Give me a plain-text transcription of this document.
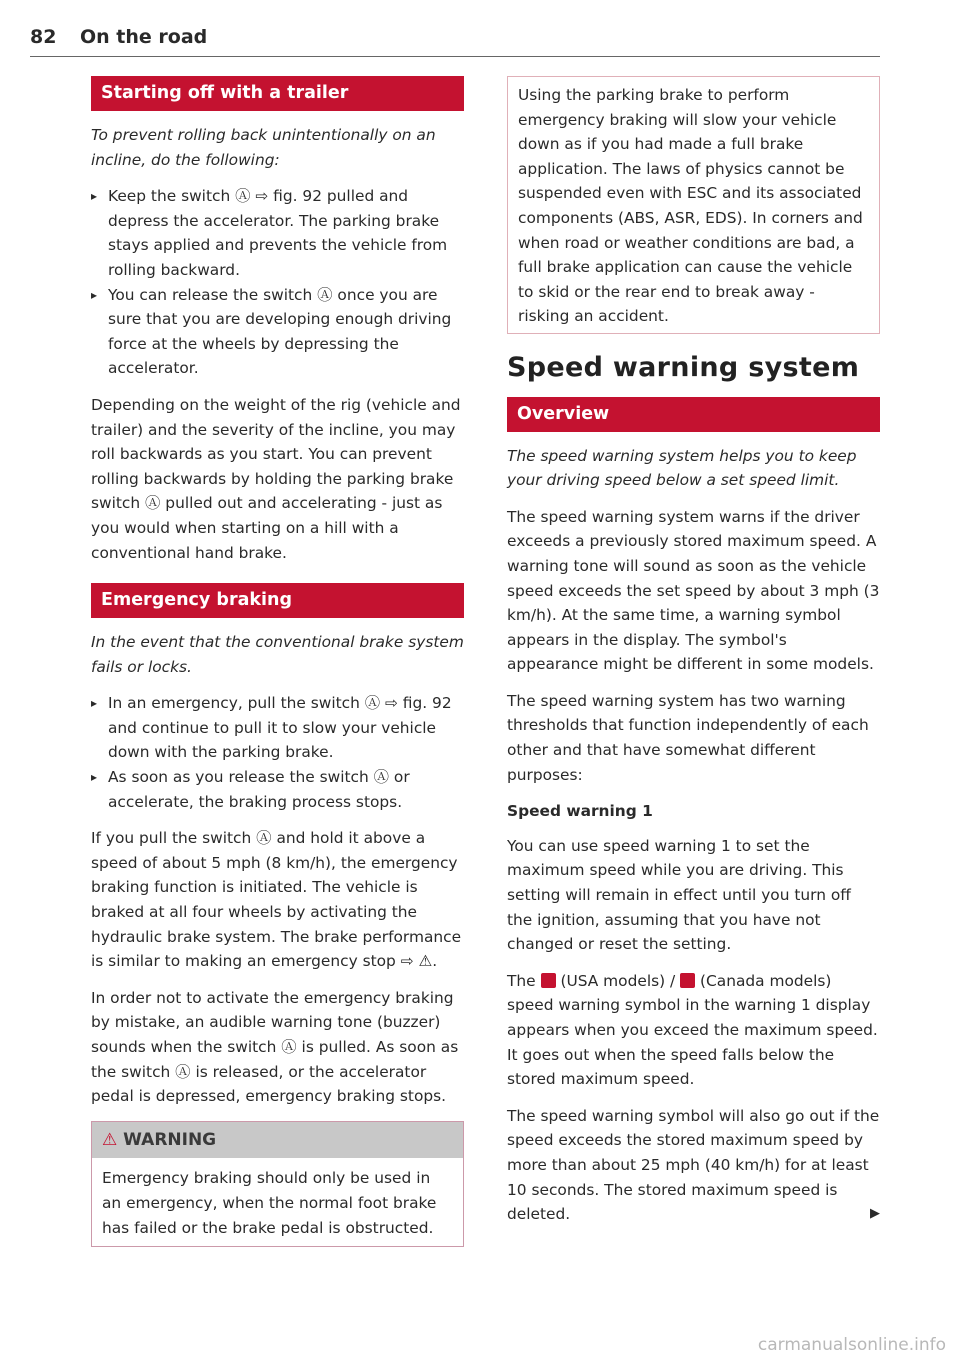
82 On the road
Starting off with a trailer

To prevent rolling back unintentionally on an incline, do the following:

▸ Keep the switch Ⓐ ⇨ fig. 92 pulled and depress the accelerator. The parking brake stays applied and prevents the vehicle from rolling backward.
▸ You can release the switch Ⓐ once you are sure that you are developing enough driving force at the wheels by depressing the accelerator.

Depending on the weight of the rig (vehicle and trailer) and the severity of the incline, you may roll backwards as you start. You can prevent rolling backwards by holding the parking brake switch Ⓐ pulled out and accelerating - just as you would when starting on a hill with a conventional hand brake.

Emergency braking

In the event that the conventional brake system fails or locks.

▸ In an emergency, pull the switch Ⓐ ⇨ fig. 92 and continue to pull it to slow your vehicle down with the parking brake.
▸ As soon as you release the switch Ⓐ or accelerate, the braking process stops.

If you pull the switch Ⓐ and hold it above a speed of about 5 mph (8 km/h), the emergency braking function is initiated. The vehicle is braked at all four wheels by activating the hydraulic brake system. The brake performance is similar to making an emergency stop ⇨ ⚠.

In order not to activate the emergency braking by mistake, an audible warning tone (buzzer) sounds when the switch Ⓐ is pulled. As soon as the switch Ⓐ is released, or the accelerator pedal is depressed, emergency braking stops.

⚠ WARNING
Emergency braking should only be used in an emergency, when the normal foot brake has failed or the brake pedal is obstructed.
Using the parking brake to perform emergency braking will slow your vehicle down as if you had made a full brake application. The laws of physics cannot be suspended even with ESC and its associated components (ABS, ASR, EDS). In corners and when road or weather conditions are bad, a full brake application can cause the vehicle to skid or the rear end to break away - risking an accident.
Speed warning system
Overview

The speed warning system helps you to keep your driving speed below a set speed limit.

The speed warning system warns if the driver exceeds a previously stored maximum speed. A warning tone will sound as soon as the vehicle speed exceeds the set speed by about 3 mph (3 km/h). At the same time, a warning symbol appears in the display. The symbol's appearance might be different in some models.

The speed warning system has two warning thresholds that function independently of each other and that have somewhat different purposes:

Speed warning 1

You can use speed warning 1 to set the maximum speed while you are driving. This setting will remain in effect until you turn off the ignition, assuming that you have not changed or reset the setting.

The (USA models) / (Canada models) speed warning symbol in the warning 1 display appears when you exceed the maximum speed. It goes out when the speed falls below the stored maximum speed.

The speed warning symbol will also go out if the speed exceeds the stored maximum speed by more than about 25 mph (40 km/h) for at least 10 seconds. The stored maximum speed is deleted.	▶

carmanualsonline.info
